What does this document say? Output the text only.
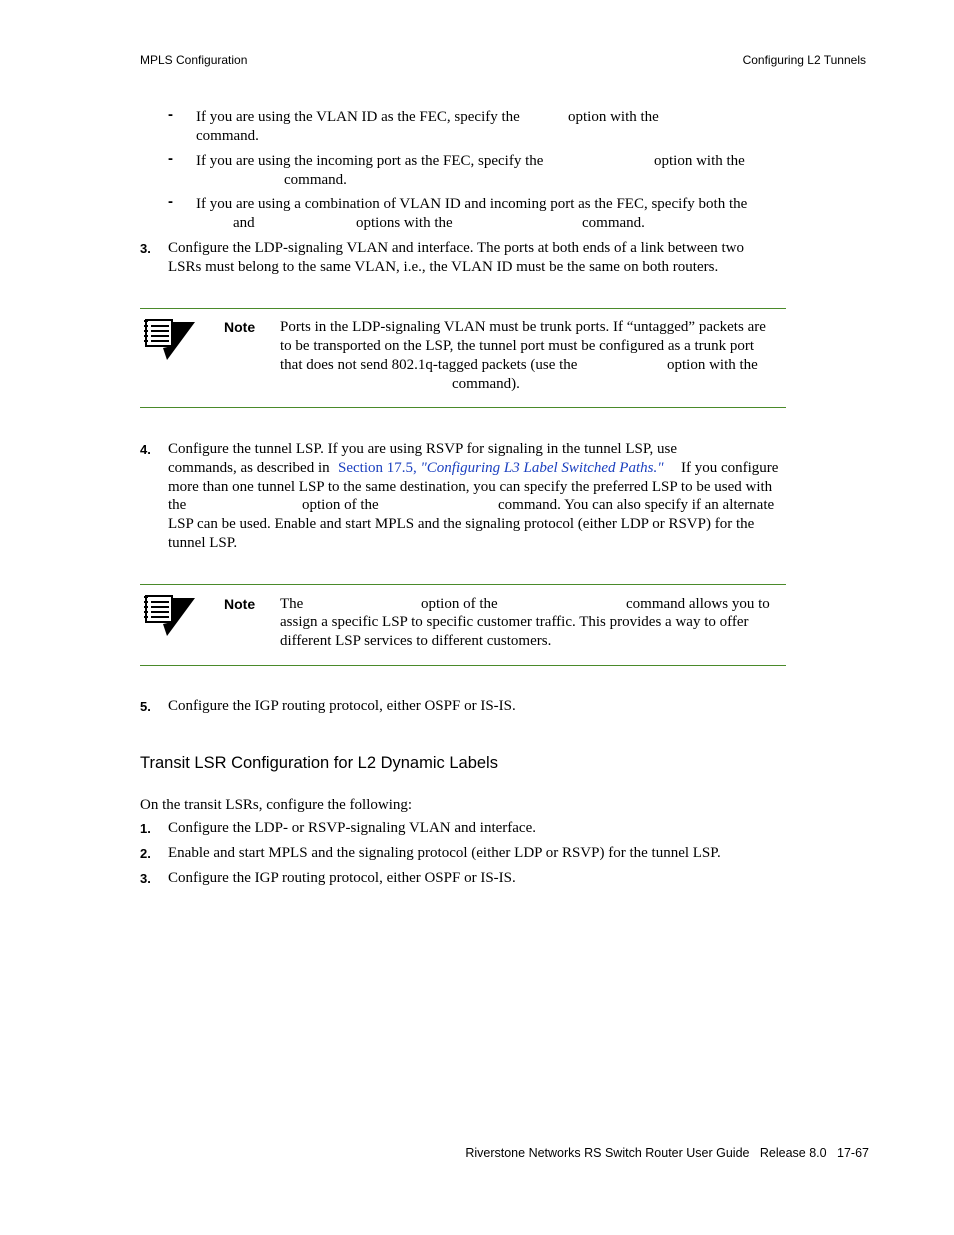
MPLS Configuration	Configuring L2 Tunnels
- If you are using the VLAN ID as the FEC, specify the	option with the
command.
- If you are using the incoming port as the FEC, specify the	option with the
command.
- If you are using a combination of VLAN ID and incoming port as the FEC, specify both the
and	options with the	command.
3. Configure the LDP-signaling VLAN and interface. The ports at both ends of a link between two
LSRs must belong to the same VLAN, i.e., the VLAN ID must be the same on both routers.
Note Ports in the LDP-signaling VLAN must be trunk ports. If “untagged” packets are
to be transported on the LSP, the tunnel port must be configured as a trunk port
that does not send 802.1q-tagged packets (use the	option with the
command).
4. Configure the tunnel LSP. If you are using RSVP for signaling in the tunnel LSP, use
commands, as described in Section 17.5, "Configuring L3 Label Switched Paths." If you configure
more than one tunnel LSP to the same destination, you can specify the preferred LSP to be used with
the	option of the	command. You can also specify if an alternate
LSP can be used. Enable and start MPLS and the signaling protocol (either LDP or RSVP) for the
tunnel LSP.
Note The	option of the	command allows you to
assign a specific LSP to specific customer traffic. This provides a way to offer
different LSP services to different customers.
5. Configure the IGP routing protocol, either OSPF or IS-IS.
Transit LSR Configuration for L2 Dynamic Labels
On the transit LSRs, configure the following:
1. Configure the LDP- or RSVP-signaling VLAN and interface.
2. Enable and start MPLS and the signaling protocol (either LDP or RSVP) for the tunnel LSP.
3. Configure the IGP routing protocol, either OSPF or IS-IS.
Riverstone Networks RS Switch Router User Guide   Release 8.0   17-67
